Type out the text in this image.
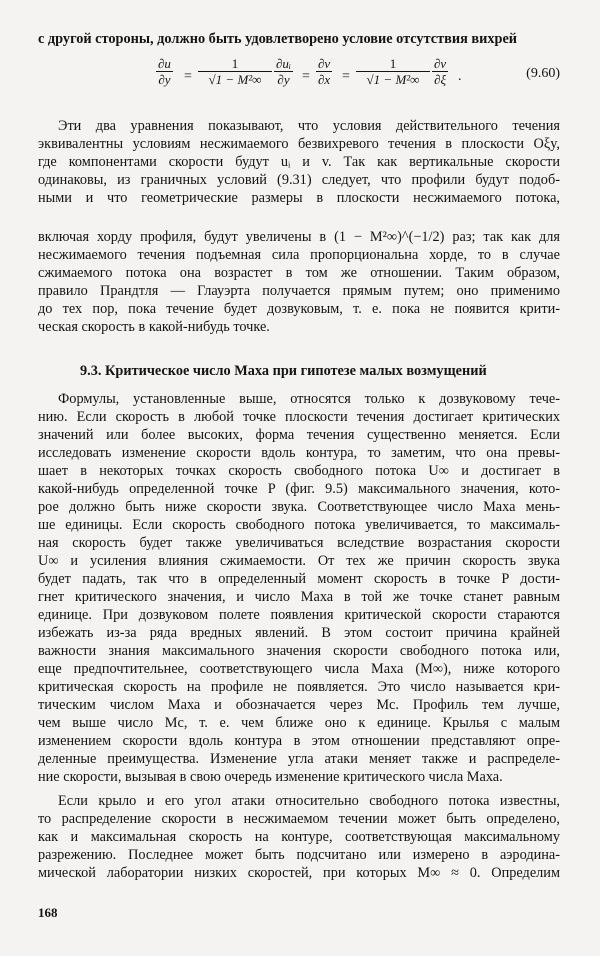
с другой стороны, должно быть удовлетворено условие отсутствия вихрей
∂u
∂y =
1
√1 − M²∞
∂uᵢ
∂y =
∂v
∂x =
1
√1 − M²∞
∂v
∂ξ .	(9.60)
Эти два уравнения показывают, что условия действительного течения
эквивалентны условиям несжимаемого безвихревого течения в плоскости Oξy,
где компонентами скорости будут uᵢ и v. Так как вертикальные скорости
одинаковы, из граничных условий (9.31) следует, что профили будут подоб-
ными и что геометрические размеры в плоскости несжимаемого потока,
включая хорду профиля, будут увеличены в (1 − M²∞)^(−1/2) раз; так как для
несжимаемого течения подъемная сила пропорциональна хорде, то в случае
сжимаемого потока она возрастет в том же отношении. Таким образом,
правило Прандтля — Глауэрта получается прямым путем; оно применимо
до тех пор, пока течение будет дозвуковым, т. е. пока не появится крити-
ческая скорость в какой-нибудь точке.
9.3. Критическое число Маха при гипотезе малых возмущений
Формулы, установленные выше, относятся только к дозвуковому тече-
нию. Если скорость в любой точке плоскости течения достигает критических
значений или более высоких, форма течения существенно меняется. Если
исследовать изменение скорости вдоль контура, то заметим, что она превы-
шает в некоторых точках скорость свободного потока U∞ и достигает в
какой-нибудь определенной точке P (фиг. 9.5) максимального значения, кото-
рое должно быть ниже скорости звука. Соответствующее число Маха мень-
ше единицы. Если скорость свободного потока увеличивается, то максималь-
ная скорость будет также увеличиваться вследствие возрастания скорости
U∞ и усиления влияния сжимаемости. От тех же причин скорость звука
будет падать, так что в определенный момент скорость в точке P дости-
гнет критического значения, и число Маха в той же точке станет равным
единице. При дозвуковом полете появления критической скорости стараются
избежать из-за ряда вредных явлений. В этом состоит причина крайней
важности знания максимального значения скорости свободного потока или,
еще предпочтительнее, соответствующего числа Маха (M∞), ниже которого
критическая скорость на профиле не появляется. Это число называется кри-
тическим числом Маха и обозначается через Mc. Профиль тем лучше,
чем выше число Mc, т. е. чем ближе оно к единице. Крылья с малым
изменением скорости вдоль контура в этом отношении представляют опре-
деленные преимущества. Изменение угла атаки меняет также и распределе-
ние скорости, вызывая в свою очередь изменение критического числа Маха.
Если крыло и его угол атаки относительно свободного потока известны,
то распределение скорости в несжимаемом течении может быть определено,
как и максимальная скорость на контуре, соответствующая максимальному
разрежению. Последнее может быть подсчитано или измерено в аэродина-
мической лаборатории низких скоростей, при которых M∞ ≈ 0. Определим
168
